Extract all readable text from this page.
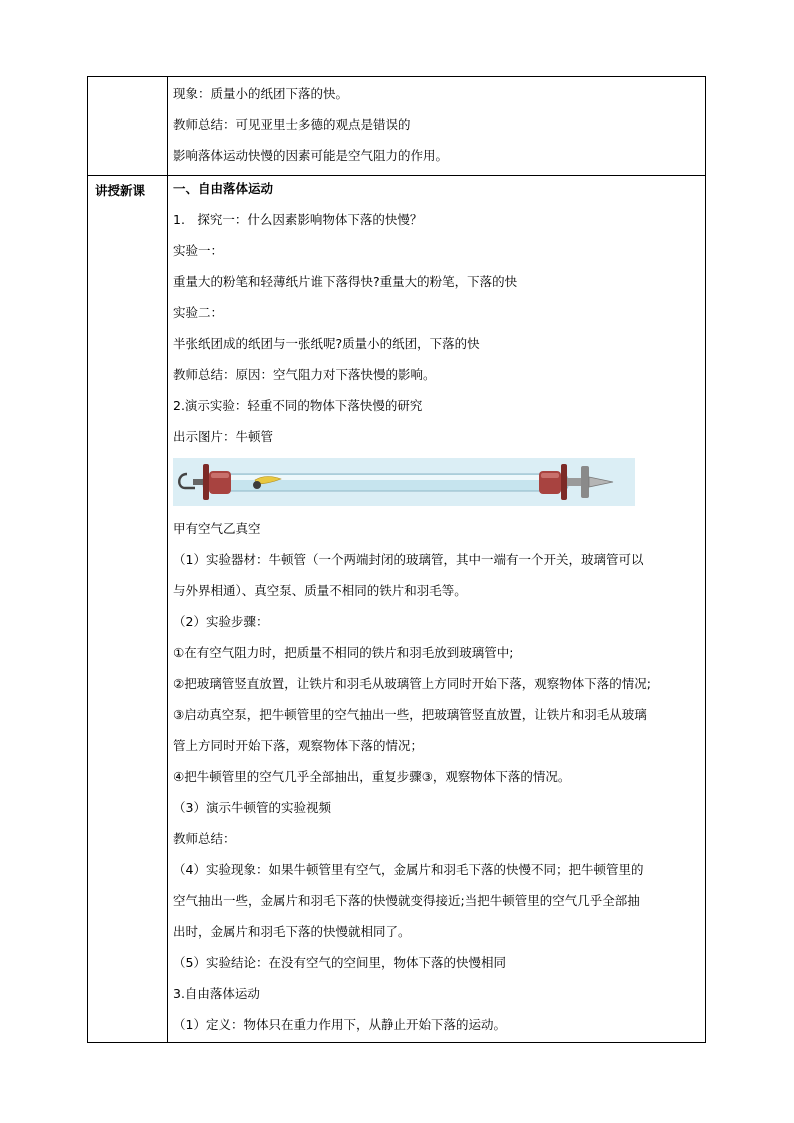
讲授新课
现象：质量小的纸团下落的快。
教师总结：可见亚里士多德的观点是错误的
影响落体运动快慢的因素可能是空气阻力的作用。
一、自由落体运动
1.　探究一：什么因素影响物体下落的快慢？
实验一：
重量大的粉笔和轻薄纸片谁下落得快?重量大的粉笔，下落的快
实验二：
半张纸团成的纸团与一张纸呢?质量小的纸团，下落的快
教师总结：原因：空气阻力对下落快慢的影响。
2.演示实验：轻重不同的物体下落快慢的研究
出示图片：牛顿管
甲有空气乙真空
（1）实验器材：牛顿管（一个两端封闭的玻璃管，其中一端有一个开关，玻璃管可以
与外界相通）、真空泵、质量不相同的铁片和羽毛等。
（2）实验步骤：
①在有空气阻力时，把质量不相同的铁片和羽毛放到玻璃管中;
②把玻璃管竖直放置，让铁片和羽毛从玻璃管上方同时开始下落，观察物体下落的情况;
③启动真空泵，把牛顿管里的空气抽出一些，把玻璃管竖直放置，让铁片和羽毛从玻璃
管上方同时开始下落，观察物体下落的情况；
④把牛顿管里的空气几乎全部抽出，重复步骤③，观察物体下落的情况。
（3）演示牛顿管的实验视频
教师总结：
（4）实验现象：如果牛顿管里有空气，金属片和羽毛下落的快慢不同；把牛顿管里的
空气抽出一些，金属片和羽毛下落的快慢就变得接近;当把牛顿管里的空气几乎全部抽
出时，金属片和羽毛下落的快慢就相同了。
（5）实验结论：在没有空气的空间里，物体下落的快慢相同
3.自由落体运动
（1）定义：物体只在重力作用下，从静止开始下落的运动。
